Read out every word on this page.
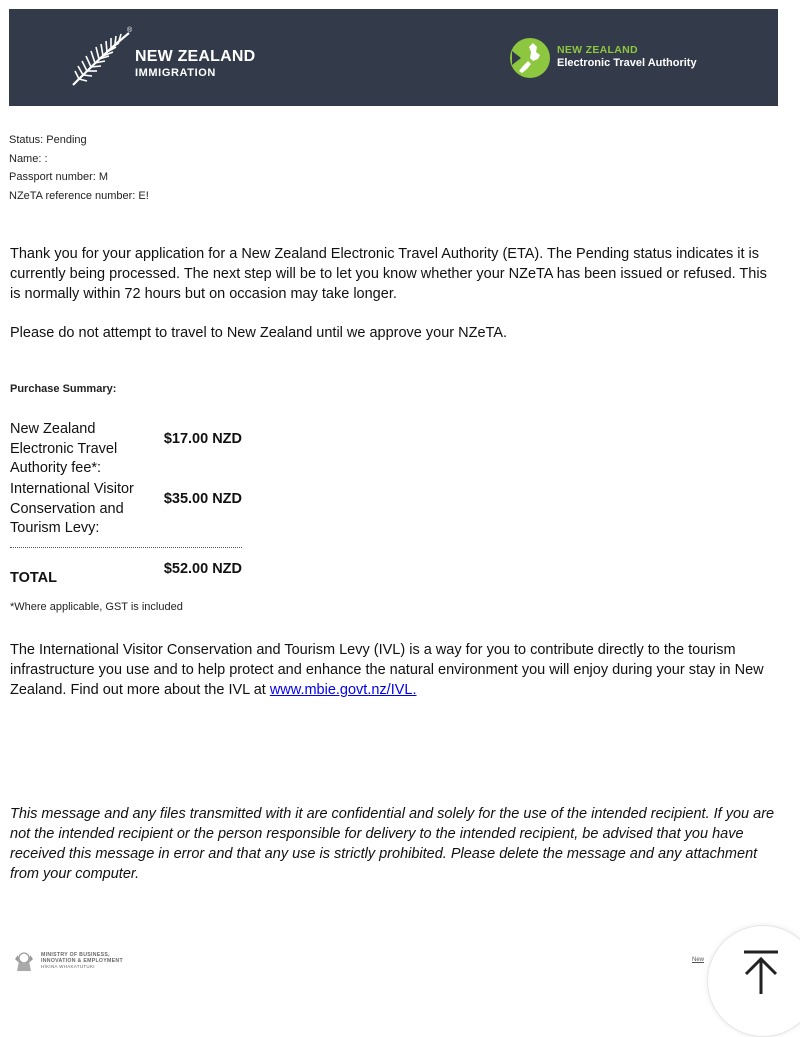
®
NEW ZEALAND
IMMIGRATION
NEW ZEALAND
Electronic Travel Authority
Status: Pending
Name: :
Passport number: M
NZeTA reference number: E!
Thank you for your application for a New Zealand Electronic Travel Authority (ETA). The Pending status indicates it is currently being processed. The next step will be to let you know whether your NZeTA has been issued or refused. This is normally within 72 hours but on occasion may take longer.
Please do not attempt to travel to New Zealand until we approve your NZeTA.
Purchase Summary:
New Zealand Electronic Travel Authority fee*:
$17.00 NZD
International Visitor Conservation and Tourism Levy:
$35.00 NZD
TOTAL
$52.00 NZD
*Where applicable, GST is included
The International Visitor Conservation and Tourism Levy (IVL) is a way for you to contribute directly to the tourism infrastructure you use and to help protect and enhance the natural environment you will enjoy during your stay in New Zealand. Find out more about the IVL at www.mbie.govt.nz/IVL.
This message and any files transmitted with it are confidential and solely for the use of the intended recipient. If you are not the intended recipient or the person responsible for delivery to the intended recipient, be advised that you have received this message in error and that any use is strictly prohibited. Please delete the message and any attachment from your computer.
MINISTRY OF BUSINESS,
INNOVATION & EMPLOYMENT
HĪKINA WHAKATUTUKI
New
